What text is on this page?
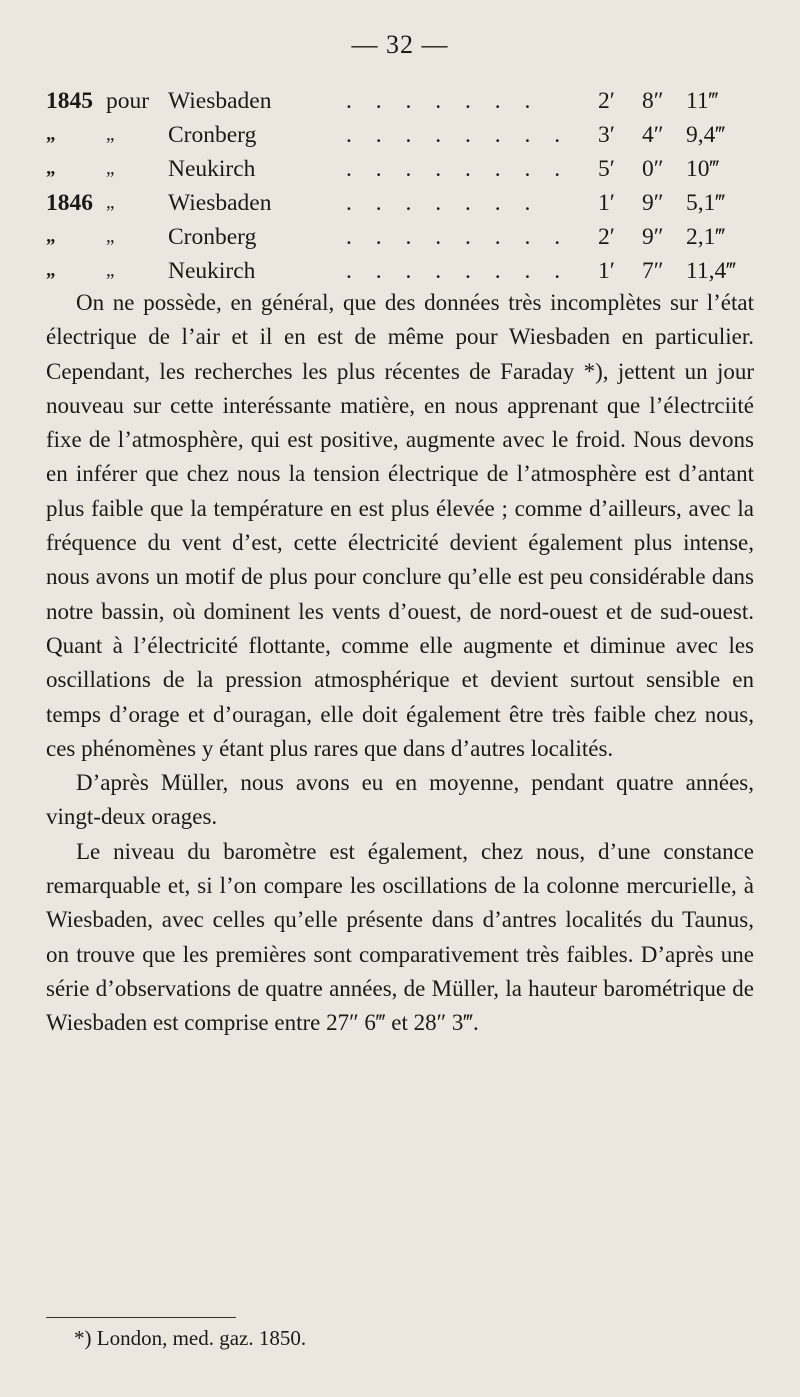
— 32 —
1845 pour Wiesbaden	. . . . . . .	2′ 8″ 11‴
„	„ Cronberg	. . . . . . . .	3′ 4″ 9,4‴
„	„ Neukirch	. . . . . . . .	5′ 0″ 10‴
1846 „ Wiesbaden	. . . . . . .	1′ 9″ 5,1‴
„	„ Cronberg	. . . . . . . .	2′ 9″ 2,1‴
„	„ Neukirch	. . . . . . . .	1′ 7″ 11,4‴

On ne possède, en général, que des données très incomplètes sur l’état électrique de l’air et il en est de même pour Wiesbaden en particulier. Cependant, les recherches les plus récentes de Faraday *), jettent un jour nouveau sur cette interéssante matière, en nous apprenant que l’électrciité fixe de l’atmosphère, qui est positive, augmente avec le froid. Nous devons en inférer que chez nous la tension électrique de l’atmosphère est d’antant plus faible que la température en est plus élevée ; comme d’ailleurs, avec la fréquence du vent d’est, cette électricité devient également plus intense, nous avons un motif de plus pour conclure qu’elle est peu considérable dans notre bassin, où dominent les vents d’ouest, de nord-ouest et de sud-ouest. Quant à l’électricité flottante, comme elle augmente et diminue avec les oscillations de la pression atmosphérique et devient surtout sensible en temps d’orage et d’ouragan, elle doit également être très faible chez nous, ces phénomènes y étant plus rares que dans d’autres localités.

D’après Müller, nous avons eu en moyenne, pendant quatre années, vingt-deux orages.

Le niveau du baromètre est également, chez nous, d’une constance remarquable et, si l’on compare les oscillations de la colonne mercurielle, à Wiesbaden, avec celles qu’elle présente dans d’antres localités du Taunus, on trouve que les premières sont comparativement très faibles. D’après une série d’observations de quatre années, de Müller, la hauteur barométrique de Wiesbaden est comprise entre 27″ 6‴ et 28″ 3‴.

*) London, med. gaz. 1850.
